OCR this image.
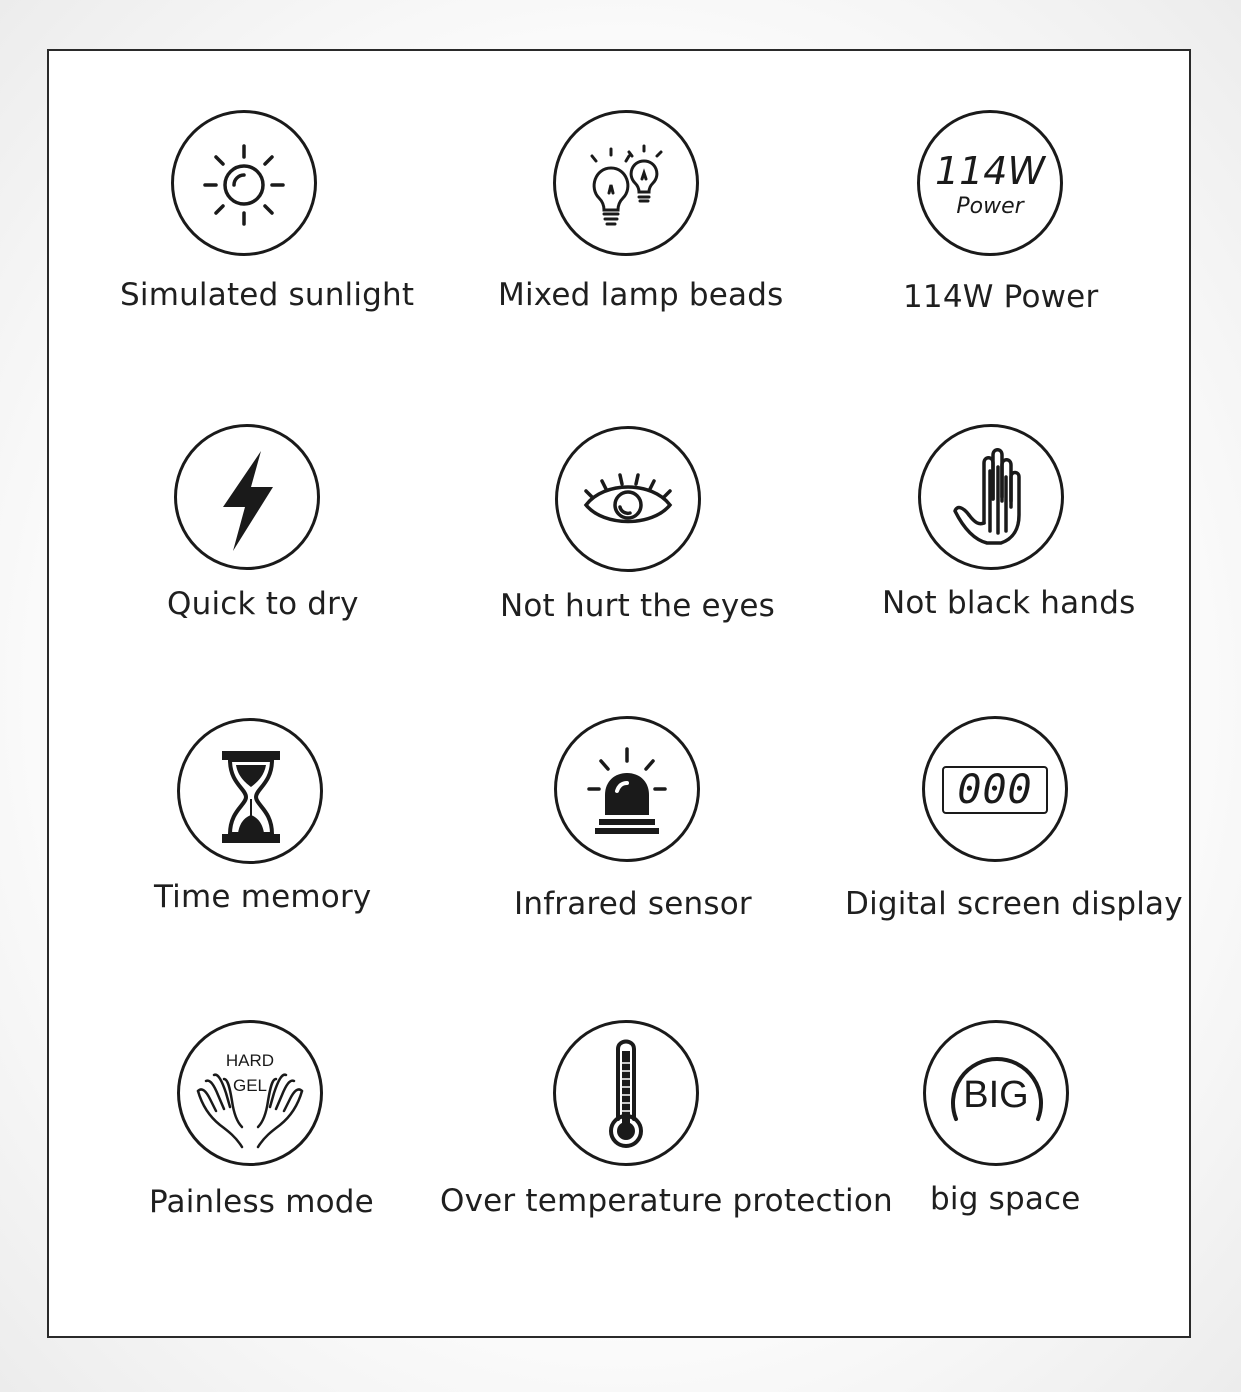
Simulated sunlight	Mixed lamp beads
114W
Power
114W Power
Quick to dry	Not hurt the eyes	Not black hands
Time memory	Infrared sensor
000
Digital screen display
HARD
GEL
Painless mode Over temperature protection
BIG
big space
